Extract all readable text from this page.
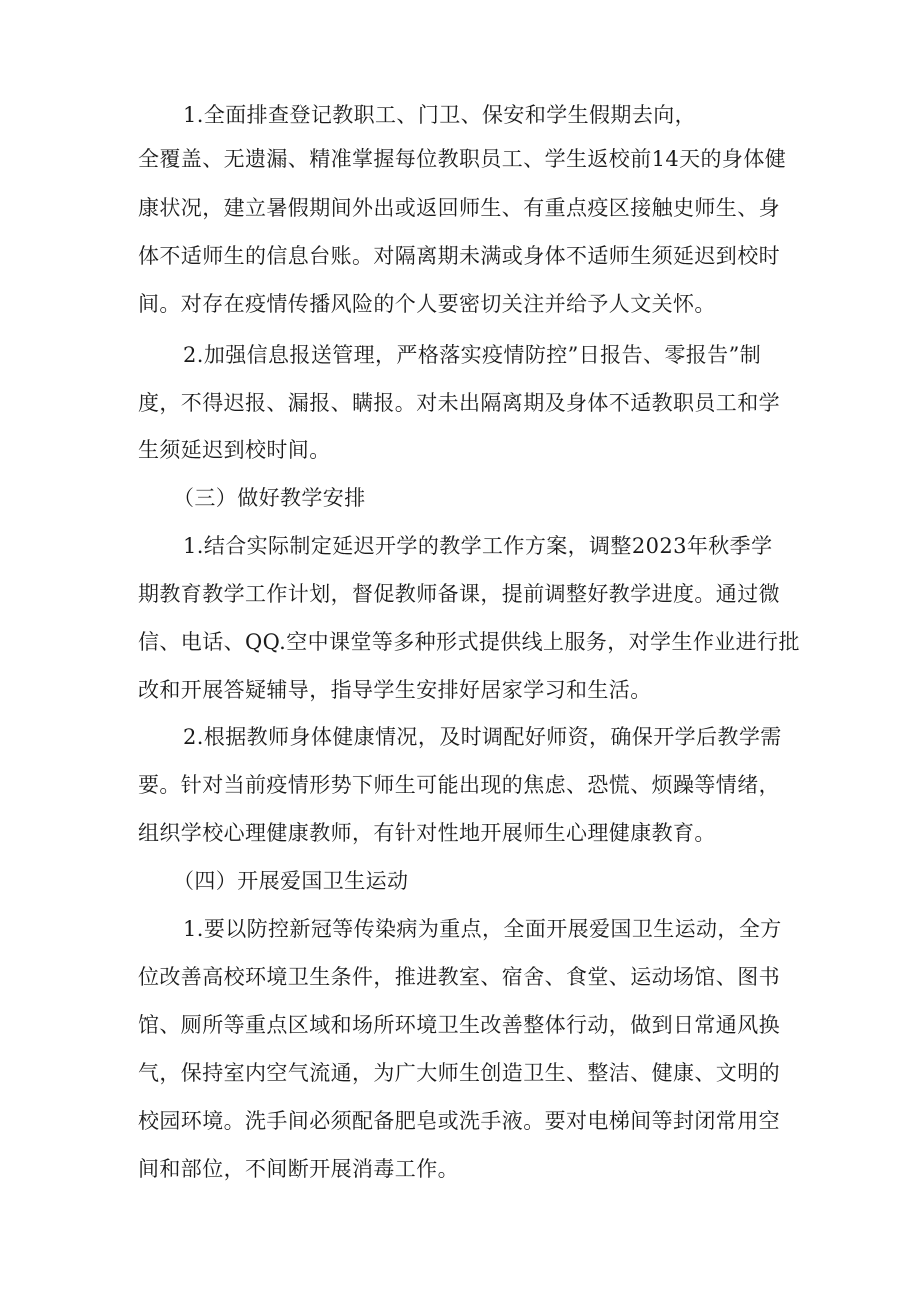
1.全面排查登记教职工、门卫、保安和学生假期去向，

全覆盖、无遗漏、精准掌握每位教职员工、学生返校前14天的身体健

康状况，建立暑假期间外出或返回师生、有重点疫区接触史师生、身

体不适师生的信息台账。对隔离期未满或身体不适师生须延迟到校时

间。对存在疫情传播风险的个人要密切关注并给予人文关怀。

2.加强信息报送管理，严格落实疫情防控”日报告、零报告”制

度，不得迟报、漏报、瞒报。对未出隔离期及身体不适教职员工和学

生须延迟到校时间。

（三）做好教学安排

1.结合实际制定延迟开学的教学工作方案，调整2023年秋季学

期教育教学工作计划，督促教师备课，提前调整好教学进度。通过微

信、电话、QQ.空中课堂等多种形式提供线上服务，对学生作业进行批

改和开展答疑辅导，指导学生安排好居家学习和生活。

2.根据教师身体健康情况，及时调配好师资，确保开学后教学需

要。针对当前疫情形势下师生可能出现的焦虑、恐慌、烦躁等情绪，

组织学校心理健康教师，有针对性地开展师生心理健康教育。

（四）开展爱国卫生运动

1.要以防控新冠等传染病为重点，全面开展爱国卫生运动，全方

位改善高校环境卫生条件，推进教室、宿舍、食堂、运动场馆、图书

馆、厕所等重点区域和场所环境卫生改善整体行动，做到日常通风换

气，保持室内空气流通，为广大师生创造卫生、整洁、健康、文明的

校园环境。洗手间必须配备肥皂或洗手液。要对电梯间等封闭常用空

间和部位，不间断开展消毒工作。
